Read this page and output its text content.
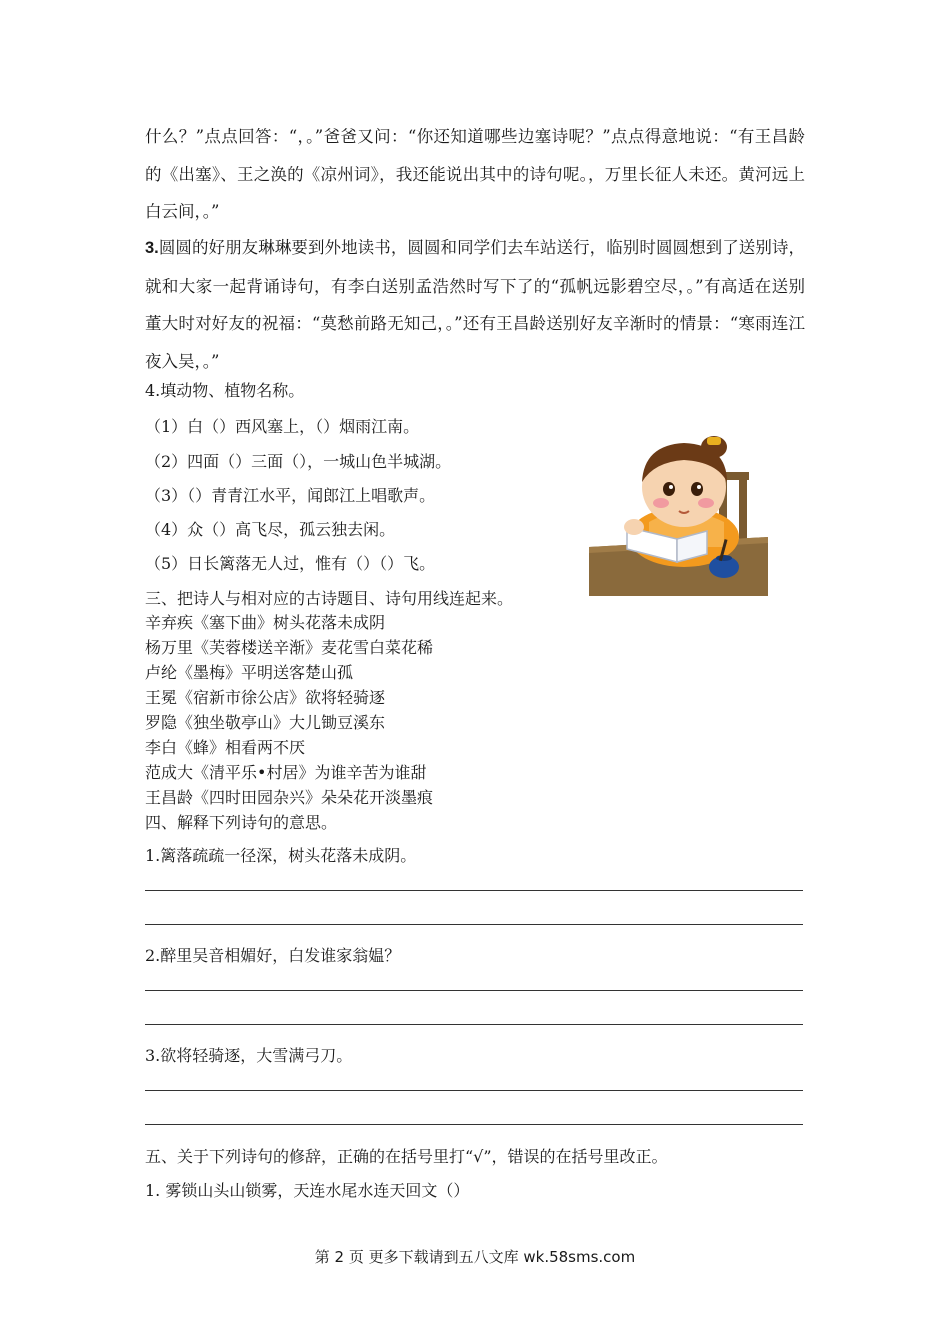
什么？”点点回答：“，。”爸爸又问：“你还知道哪些边塞诗呢？”点点得意地说：“有王昌龄的《出塞》、王之涣的《凉州词》，我还能说出其中的诗句呢。，万里长征人未还。黄河远上白云间，。”

3.圆圆的好朋友琳琳要到外地读书，圆圆和同学们去车站送行，临别时圆圆想到了送别诗，就和大家一起背诵诗句，有李白送别孟浩然时写下了的“孤帆远影碧空尽，。”有高适在送别董大时对好友的祝福：“莫愁前路无知己，。”还有王昌龄送别好友辛渐时的情景：“寒雨连江夜入吴，。”

4.填动物、植物名称。

（1）白（）西风塞上，（）烟雨江南。

（2）四面（）三面（），一城山色半城湖。

（3）（）青青江水平，闻郎江上唱歌声。

（4）众（）高飞尽，孤云独去闲。

（5）日长篱落无人过，惟有（）（）飞。

三、把诗人与相对应的古诗题目、诗句用线连起来。

辛弃疾《塞下曲》树头花落未成阴

杨万里《芙蓉楼送辛渐》麦花雪白菜花稀

卢纶《墨梅》平明送客楚山孤

王冕《宿新市徐公店》欲将轻骑逐

罗隐《独坐敬亭山》大儿锄豆溪东

李白《蜂》相看两不厌

范成大《清平乐•村居》为谁辛苦为谁甜

王昌龄《四时田园杂兴》朵朵花开淡墨痕

四、解释下列诗句的意思。

1.篱落疏疏一径深，树头花落未成阴。

2.醉里吴音相媚好，白发谁家翁媪？

3.欲将轻骑逐，大雪满弓刀。

五、关于下列诗句的修辞，正确的在括号里打“√”，错误的在括号里改正。

1. 雾锁山头山锁雾，天连水尾水连天回文（）

第 2 页 更多下载请到五八文库 wk.58sms.com
